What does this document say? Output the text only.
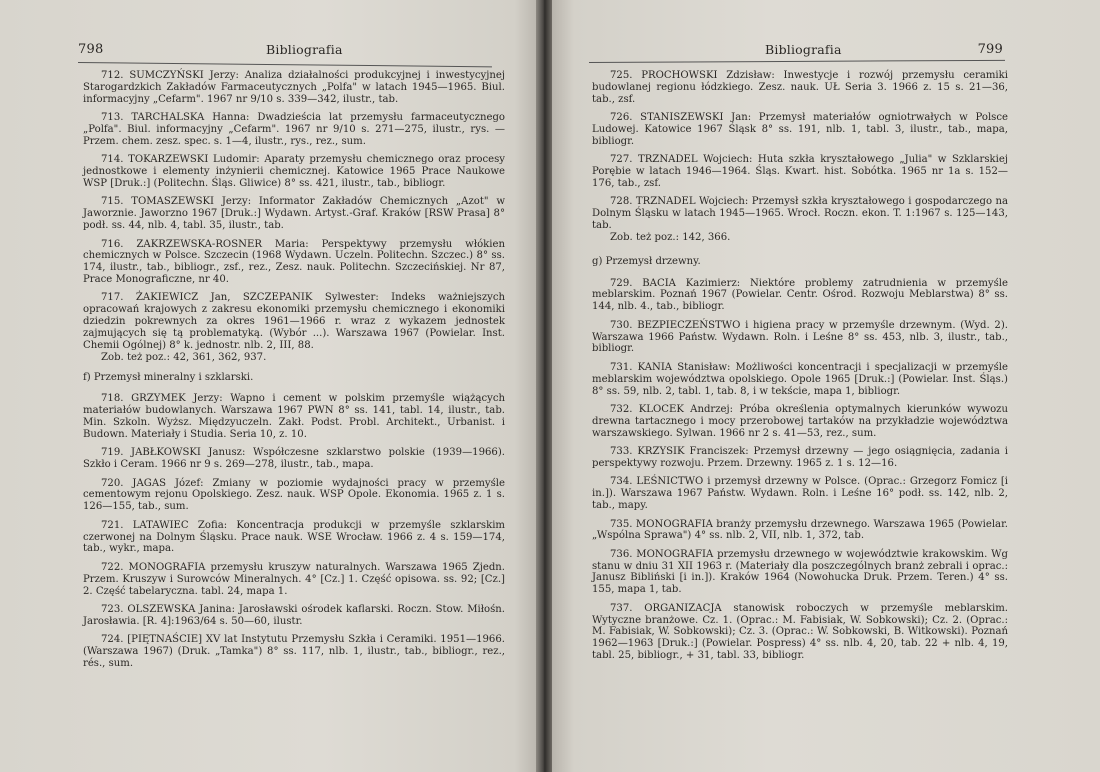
798	Bibliografia

712. SUMCZYŃSKI Jerzy: Analiza działalności produkcyjnej i inwestycyjnej Starogardzkich Zakładów Farmaceutycznych „Polfa" w latach 1945—1965. Biul. informacyjny „Cefarm". 1967 nr 9/10 s. 339—342, ilustr., tab.

713. TARCHALSKA Hanna: Dwadzieścia lat przemysłu farmaceutycznego „Polfa". Biul. informacyjny „Cefarm". 1967 nr 9/10 s. 271—275, ilustr., rys. — Przem. chem. zesz. spec. s. 1—4, ilustr., rys., rez., sum.

714. TOKARZEWSKI Ludomir: Aparaty przemysłu chemicznego oraz procesy jednostkowe i elementy inżynierii chemicznej. Katowice 1965 Prace Naukowe WSP [Druk.:] (Politechn. Śląs. Gliwice) 8° ss. 421, ilustr., tab., bibliogr.

715. TOMASZEWSKI Jerzy: Informator Zakładów Chemicznych „Azot" w Jaworznie. Jaworzno 1967 [Druk.:] Wydawn. Artyst.-Graf. Kraków [RSW Prasa] 8° podł. ss. 44, nlb. 4, tabl. 35, ilustr., tab.

716. ZAKRZEWSKA-ROSNER Maria: Perspektywy przemysłu włókien chemicznych w Polsce. Szczecin (1968 Wydawn. Uczeln. Politechn. Szczec.) 8° ss. 174, ilustr., tab., bibliogr., zsf., rez., Zesz. nauk. Politechn. Szczecińskiej. Nr 87, Prace Monograficzne, nr 40.

717. ŻAKIEWICZ Jan, SZCZEPANIK Sylwester: Indeks ważniejszych opracowań krajowych z zakresu ekonomiki przemysłu chemicznego i ekonomiki dziedzin pokrewnych za okres 1961—1966 r. wraz z wykazem jednostek zajmujących się tą problematyką. (Wybór ...). Warszawa 1967 (Powielar. Inst. Chemii Ogólnej) 8° k. jednostr. nlb. 2, III, 88.

Zob. też poz.: 42, 361, 362, 937.

f) Przemysł mineralny i szklarski.

718. GRZYMEK Jerzy: Wapno i cement w polskim przemyśle wiążących materiałów budowlanych. Warszawa 1967 PWN 8° ss. 141, tabl. 14, ilustr., tab. Min. Szkoln. Wyższ. Międzyuczeln. Zakł. Podst. Probl. Architekt., Urbanist. i Budown. Materiały i Studia. Seria 10, z. 10.

719. JABŁKOWSKI Janusz: Współczesne szklarstwo polskie (1939—1966). Szkło i Ceram. 1966 nr 9 s. 269—278, ilustr., tab., mapa.

720. JAGAS Józef: Zmiany w poziomie wydajności pracy w przemyśle cementowym rejonu Opolskiego. Zesz. nauk. WSP Opole. Ekonomia. 1965 z. 1 s. 126—155, tab., sum.

721. LATAWIEC Zofia: Koncentracja produkcji w przemyśle szklarskim czerwonej na Dolnym Śląsku. Prace nauk. WSE Wrocław. 1966 z. 4 s. 159—174, tab., wykr., mapa.

722. MONOGRAFIA przemysłu kruszyw naturalnych. Warszawa 1965 Zjedn. Przem. Kruszyw i Surowców Mineralnych. 4° [Cz.] 1. Część opisowa. ss. 92; [Cz.] 2. Część tabelaryczna. tabl. 24, mapa 1.

723. OLSZEWSKA Janina: Jarosławski ośrodek kaflarski. Roczn. Stow. Miłośn. Jarosławia. [R. 4]:1963/64 s. 50—60, ilustr.

724. [PIĘTNAŚCIE] XV lat Instytutu Przemysłu Szkła i Ceramiki. 1951—1966. (Warszawa 1967) (Druk. „Tamka") 8° ss. 117, nlb. 1, ilustr., tab., bibliogr., rez., rés., sum.

Bibliografia	799

725. PROCHOWSKI Zdzisław: Inwestycje i rozwój przemysłu ceramiki budowlanej regionu łódzkiego. Zesz. nauk. UŁ Seria 3. 1966 z. 15 s. 21—36, tab., zsf.

726. STANISZEWSKI Jan: Przemysł materiałów ogniotrwałych w Polsce Ludowej. Katowice 1967 Śląsk 8° ss. 191, nlb. 1, tabl. 3, ilustr., tab., mapa, bibliogr.

727. TRZNADEL Wojciech: Huta szkła kryształowego „Julia" w Szklarskiej Porębie w latach 1946—1964. Śląs. Kwart. hist. Sobótka. 1965 nr 1a s. 152—176, tab., zsf.

728. TRZNADEL Wojciech: Przemysł szkła kryształowego i gospodarczego na Dolnym Śląsku w latach 1945—1965. Wrocł. Roczn. ekon. T. 1:1967 s. 125—143, tab.

Zob. też poz.: 142, 366.

g) Przemysł drzewny.

729. BACIA Kazimierz: Niektóre problemy zatrudnienia w przemyśle meblarskim. Poznań 1967 (Powielar. Centr. Ośrod. Rozwoju Meblarstwa) 8° ss. 144, nlb. 4., tab., bibliogr.

730. BEZPIECZEŃSTWO i higiena pracy w przemyśle drzewnym. (Wyd. 2). Warszawa 1966 Państw. Wydawn. Roln. i Leśne 8° ss. 453, nlb. 3, ilustr., tab., bibliogr.

731. KANIA Stanisław: Możliwości koncentracji i specjalizacji w przemyśle meblarskim województwa opolskiego. Opole 1965 [Druk.:] (Powielar. Inst. Śląs.) 8° ss. 59, nlb. 2, tabl. 1, tab. 8, i w tekście, mapa 1, bibliogr.

732. KLOCEK Andrzej: Próba określenia optymalnych kierunków wywozu drewna tartacznego i mocy przerobowej tartaków na przykładzie województwa warszawskiego. Sylwan. 1966 nr 2 s. 41—53, rez., sum.

733. KRZYSIK Franciszek: Przemysł drzewny — jego osiągnięcia, zadania i perspektywy rozwoju. Przem. Drzewny. 1965 z. 1 s. 12—16.

734. LEŚNICTWO i przemysł drzewny w Polsce. (Oprac.: Grzegorz Fomicz [i in.]). Warszawa 1967 Państw. Wydawn. Roln. i Leśne 16° podł. ss. 142, nlb. 2, tab., mapy.

735. MONOGRAFIA branży przemysłu drzewnego. Warszawa 1965 (Powielar. „Wspólna Sprawa") 4° ss. nlb. 2, VII, nlb. 1, 372, tab.

736. MONOGRAFIA przemysłu drzewnego w województwie krakowskim. Wg stanu w dniu 31 XII 1963 r. (Materiały dla poszczególnych branż zebrali i oprac.: Janusz Bibliński [i in.]). Kraków 1964 (Nowohucka Druk. Przem. Teren.) 4° ss. 155, mapa 1, tab.

737. ORGANIZACJA stanowisk roboczych w przemyśle meblarskim. Wytyczne branżowe. Cz. 1. (Oprac.: M. Fabisiak, W. Sobkowski); Cz. 2. (Oprac.: M. Fabisiak, W. Sobkowski); Cz. 3. (Oprac.: W. Sobkowski, B. Witkowski). Poznań 1962—1963 [Druk.:] (Powielar. Pospress) 4° ss. nlb. 4, 20, tab. 22 + nlb. 4, 19, tabl. 25, bibliogr., + 31, tabl. 33, bibliogr.
